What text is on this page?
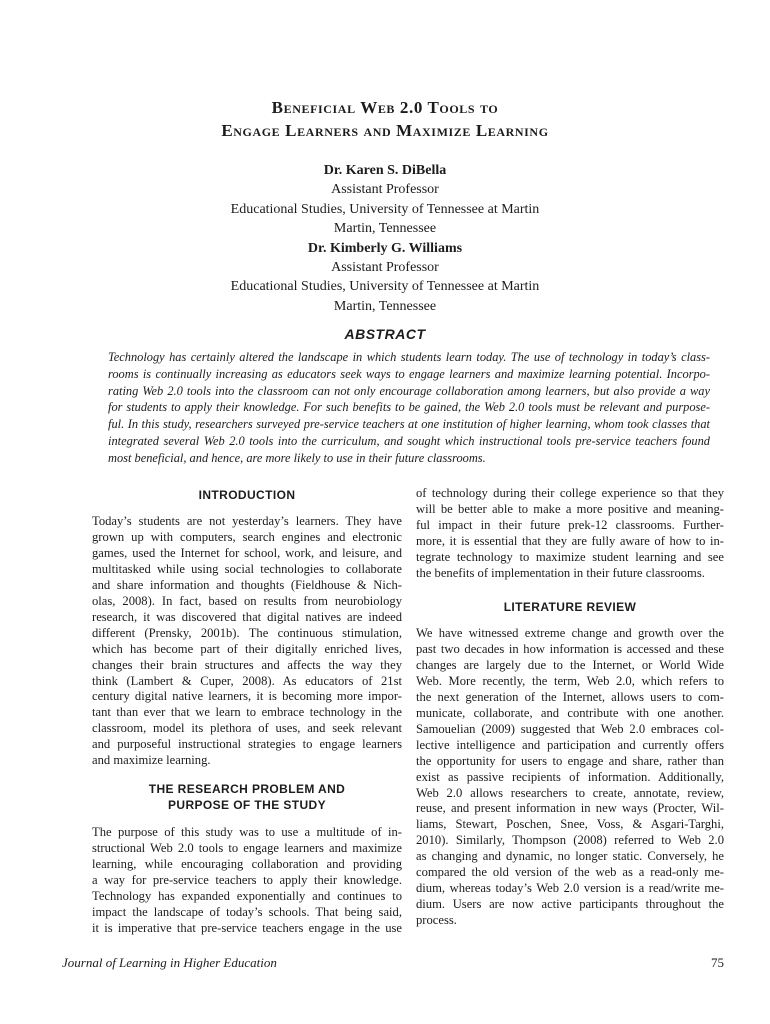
Beneficial Web 2.0 Tools to
Engage Learners and Maximize Learning
Dr. Karen S. DiBella
Assistant Professor
Educational Studies, University of Tennessee at Martin
Martin, Tennessee
Dr. Kimberly G. Williams
Assistant Professor
Educational Studies, University of Tennessee at Martin
Martin, Tennessee
ABSTRACT
Technology has certainly altered the landscape in which students learn today. The use of technology in today’s class-
rooms is continually increasing as educators seek ways to engage learners and maximize learning potential. Incorpo-
rating Web 2.0 tools into the classroom can not only encourage collaboration among learners, but also provide a way
for students to apply their knowledge. For such benefits to be gained, the Web 2.0 tools must be relevant and purpose-
ful. In this study, researchers surveyed pre-service teachers at one institution of higher learning, whom took classes that
integrated several Web 2.0 tools into the curriculum, and sought which instructional tools pre-service teachers found
most beneficial, and hence, are more likely to use in their future classrooms.
INTRODUCTION
Today’s students are not yesterday’s learners. They have
grown up with computers, search engines and electronic
games, used the Internet for school, work, and leisure, and
multitasked while using social technologies to collaborate
and share information and thoughts (Fieldhouse & Nich-
olas, 2008). In fact, based on results from neurobiology
research, it was discovered that digital natives are indeed
different (Prensky, 2001b). The continuous stimulation,
which has become part of their digitally enriched lives,
changes their brain structures and affects the way they
think (Lambert & Cuper, 2008). As educators of 21st
century digital native learners, it is becoming more impor-
tant than ever that we learn to embrace technology in the
classroom, model its plethora of uses, and seek relevant
and purposeful instructional strategies to engage learners
and maximize learning.
THE RESEARCH PROBLEM AND
PURPOSE OF THE STUDY
The purpose of this study was to use a multitude of in-
structional Web 2.0 tools to engage learners and maximize
learning, while encouraging collaboration and providing
a way for pre-service teachers to apply their knowledge.
Technology has expanded exponentially and continues to
impact the landscape of today’s schools. That being said,
it is imperative that pre-service teachers engage in the use
of technology during their college experience so that they
will be better able to make a more positive and meaning-
ful impact in their future prek-12 classrooms. Further-
more, it is essential that they are fully aware of how to in-
tegrate technology to maximize student learning and see
the benefits of implementation in their future classrooms.
LITERATURE REVIEW
We have witnessed extreme change and growth over the
past two decades in how information is accessed and these
changes are largely due to the Internet, or World Wide
Web. More recently, the term, Web 2.0, which refers to
the next generation of the Internet, allows users to com-
municate, collaborate, and contribute with one another.
Samouelian (2009) suggested that Web 2.0 embraces col-
lective intelligence and participation and currently offers
the opportunity for users to engage and share, rather than
exist as passive recipients of information. Additionally,
Web 2.0 allows researchers to create, annotate, review,
reuse, and present information in new ways (Procter, Wil-
liams, Stewart, Poschen, Snee, Voss, & Asgari-Targhi,
2010). Similarly, Thompson (2008) referred to Web 2.0
as changing and dynamic, no longer static. Conversely, he
compared the old version of the web as a read-only me-
dium, whereas today’s Web 2.0 version is a read/write me-
dium. Users are now active participants throughout the
process.
Journal of Learning in Higher Education	75
